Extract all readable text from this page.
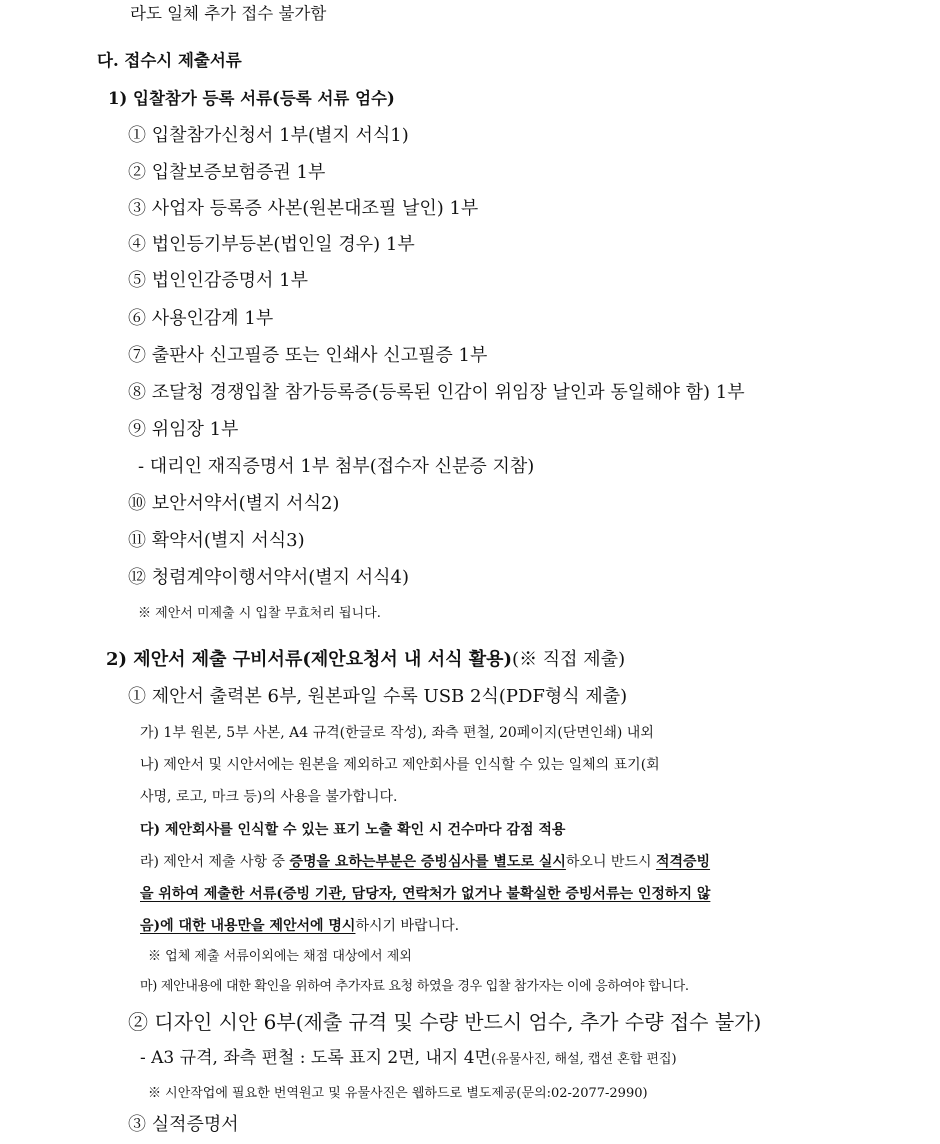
라도 일체 추가 접수 불가함
다. 접수시 제출서류
1) 입찰참가 등록 서류(등록 서류 엄수)
① 입찰참가신청서 1부(별지 서식1)
② 입찰보증보험증권 1부
③ 사업자 등록증 사본(원본대조필 날인) 1부
④ 법인등기부등본(법인일 경우) 1부
⑤ 법인인감증명서 1부
⑥ 사용인감계 1부
⑦ 출판사 신고필증 또는 인쇄사 신고필증 1부
⑧ 조달청 경쟁입찰 참가등록증(등록된 인감이 위임장 날인과 동일해야 함) 1부
⑨ 위임장 1부
- 대리인 재직증명서 1부 첨부(접수자 신분증 지참)
⑩ 보안서약서(별지 서식2)
⑪ 확약서(별지 서식3)
⑫ 청렴계약이행서약서(별지 서식4)
※ 제안서 미제출 시 입찰 무효처리 됩니다.
2) 제안서 제출 구비서류(제안요청서 내 서식 활용)(※ 직접 제출)
① 제안서 출력본 6부, 원본파일 수록 USB 2식(PDF형식 제출)
가) 1부 원본, 5부 사본, A4 규격(한글로 작성), 좌측 편철, 20페이지(단면인쇄) 내외
나) 제안서 및 시안서에는 원본을 제외하고 제안회사를 인식할 수 있는 일체의 표기(회
사명, 로고, 마크 등)의 사용을 불가합니다.
다) 제안회사를 인식할 수 있는 표기 노출 확인 시 건수마다 감점 적용
라) 제안서 제출 사항 중 증명을 요하는부분은 증빙심사를 별도로 실시하오니 반드시 적격증빙
을 위하여 제출한 서류(증빙 기관, 담당자, 연락처가 없거나 불확실한 증빙서류는 인정하지 않
음)에 대한 내용만을 제안서에 명시하시기 바랍니다.
※ 업체 제출 서류이외에는 채점 대상에서 제외
마) 제안내용에 대한 확인을 위하여 추가자료 요청 하였을 경우 입찰 참가자는 이에 응하여야 합니다.
② 디자인 시안 6부(제출 규격 및 수량 반드시 엄수, 추가 수량 접수 불가)
- A3 규격, 좌측 편철 : 도록 표지 2면, 내지 4면(유물사진, 해설, 캡션 혼합 편집)
※ 시안작업에 필요한 번역원고 및 유물사진은 웹하드로 별도제공(문의:02-2077-2990)
③ 실적증명서
